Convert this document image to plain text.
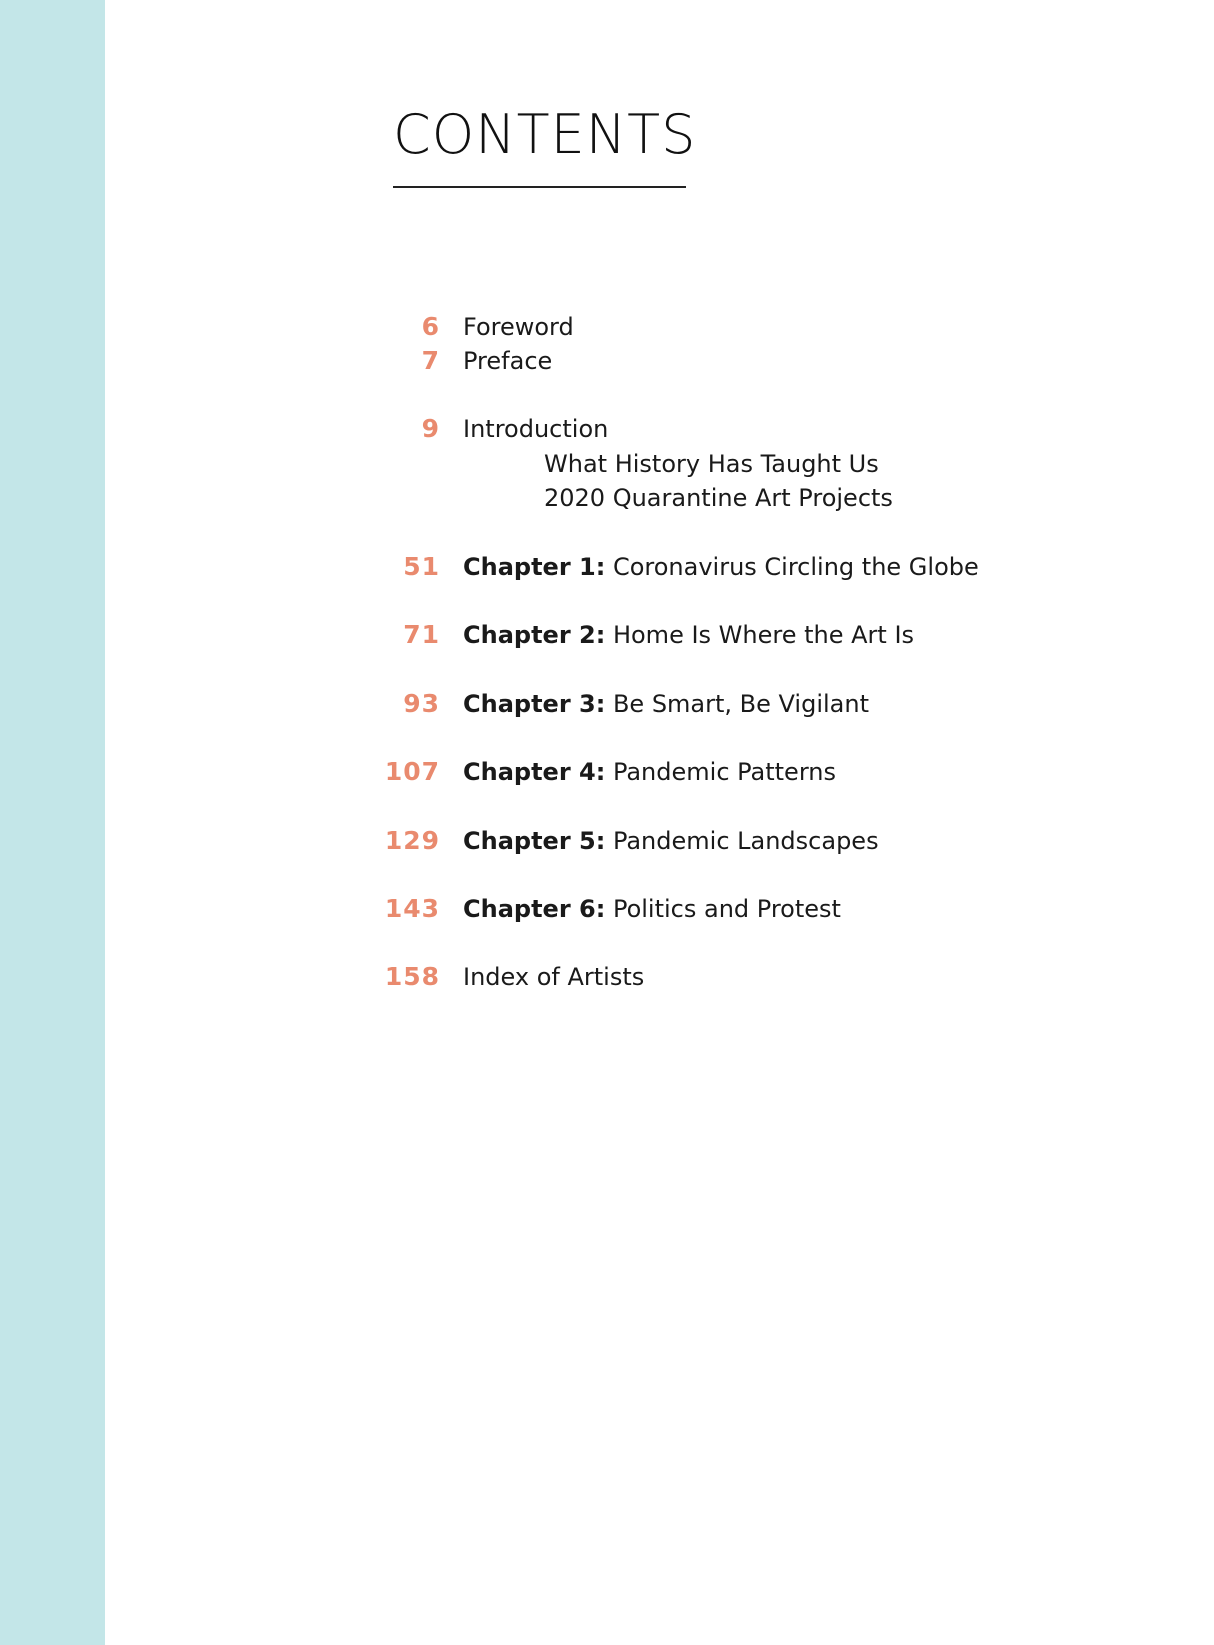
CONTENTS
6 Foreword
7 Preface
9 Introduction
What History Has Taught Us
2020 Quarantine Art Projects
51 Chapter 1: Coronavirus Circling the Globe
71 Chapter 2: Home Is Where the Art Is
93 Chapter 3: Be Smart, Be Vigilant
107 Chapter 4: Pandemic Patterns
129 Chapter 5: Pandemic Landscapes
143 Chapter 6: Politics and Protest
158 Index of Artists
